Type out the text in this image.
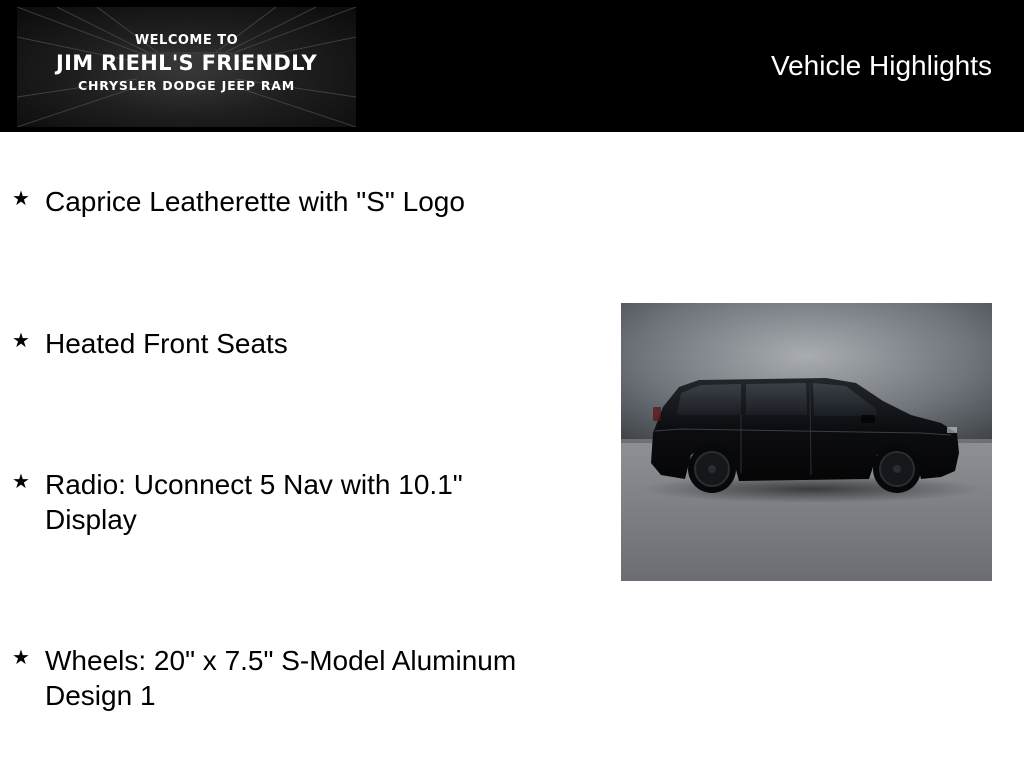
WELCOME TO
JIM RIEHL'S FRIENDLY
CHRYSLER DODGE JEEP RAM
Vehicle Highlights
★ Caprice Leatherette with "S" Logo
★ Heated Front Seats
★ Radio: Uconnect 5 Nav with 10.1" Display
★ Wheels: 20" x 7.5" S-Model Aluminum Design 1
